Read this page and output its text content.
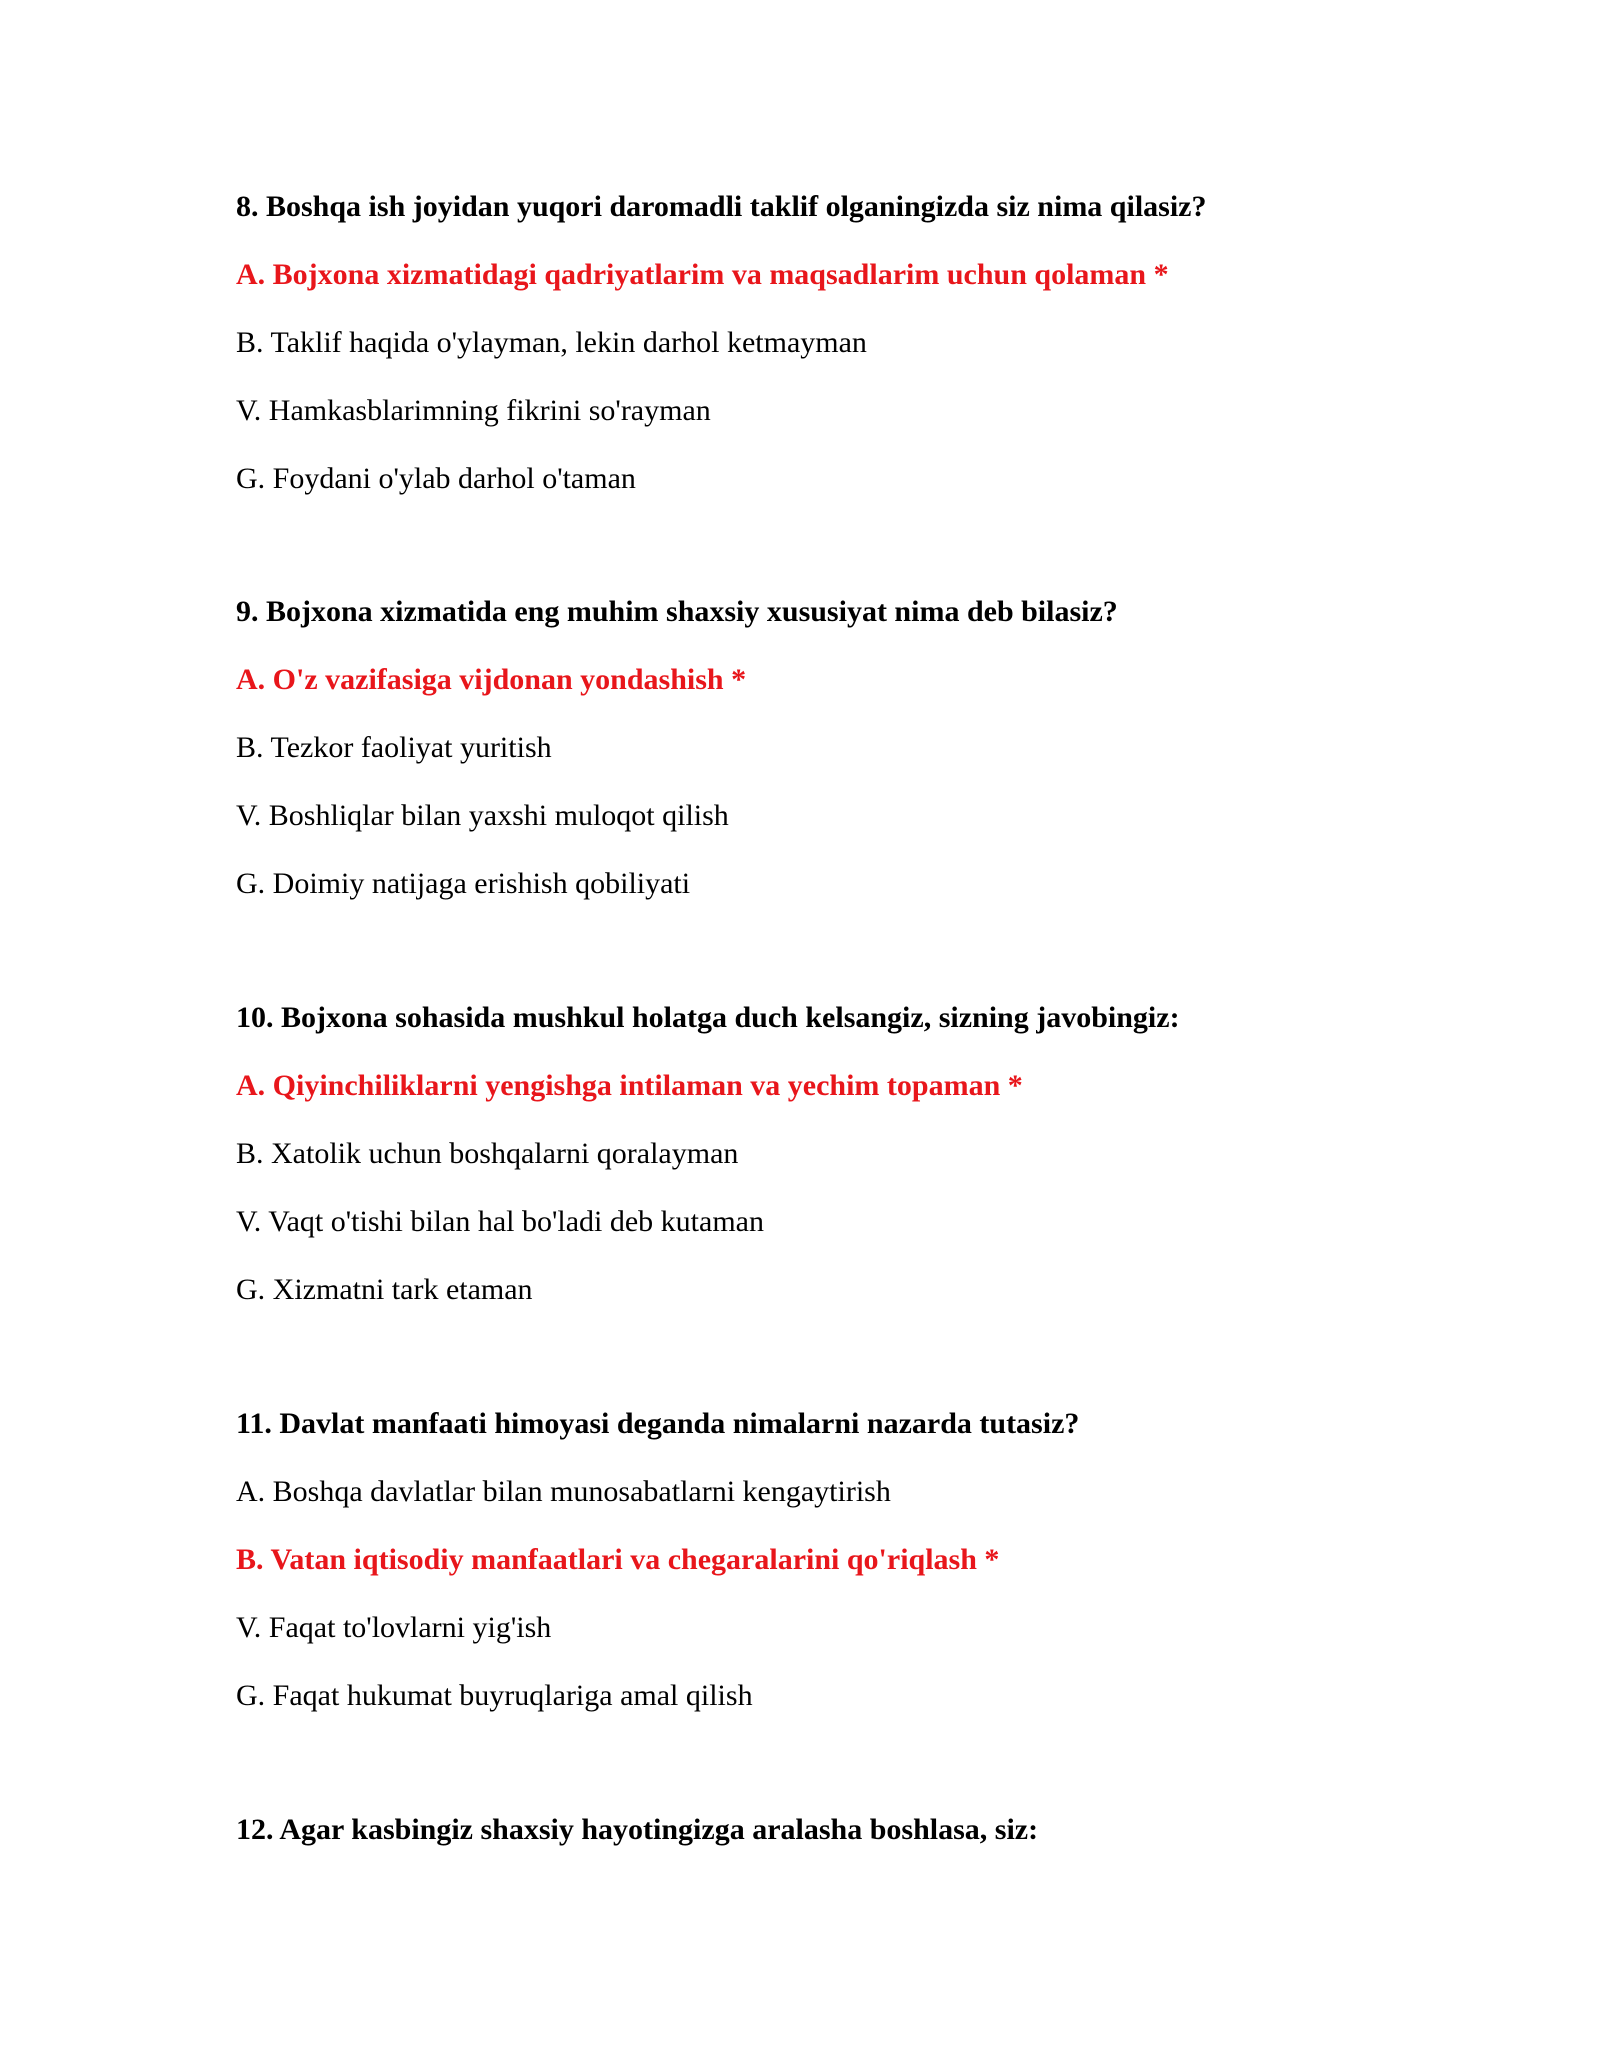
8. Boshqa ish joyidan yuqori daromadli taklif olganingizda siz nima qilasiz?

A. Bojxona xizmatidagi qadriyatlarim va maqsadlarim uchun qolaman *

B. Taklif haqida o'ylayman, lekin darhol ketmayman

V. Hamkasblarimning fikrini so'rayman

G. Foydani o'ylab darhol o'taman

9. Bojxona xizmatida eng muhim shaxsiy xususiyat nima deb bilasiz?

A. O'z vazifasiga vijdonan yondashish *

B. Tezkor faoliyat yuritish

V. Boshliqlar bilan yaxshi muloqot qilish

G. Doimiy natijaga erishish qobiliyati

10. Bojxona sohasida mushkul holatga duch kelsangiz, sizning javobingiz:

A. Qiyinchiliklarni yengishga intilaman va yechim topaman *

B. Xatolik uchun boshqalarni qoralayman

V. Vaqt o'tishi bilan hal bo'ladi deb kutaman

G. Xizmatni tark etaman

11. Davlat manfaati himoyasi deganda nimalarni nazarda tutasiz?

A. Boshqa davlatlar bilan munosabatlarni kengaytirish

B. Vatan iqtisodiy manfaatlari va chegaralarini qo'riqlash *

V. Faqat to'lovlarni yig'ish

G. Faqat hukumat buyruqlariga amal qilish

12. Agar kasbingiz shaxsiy hayotingizga aralasha boshlasa, siz:
